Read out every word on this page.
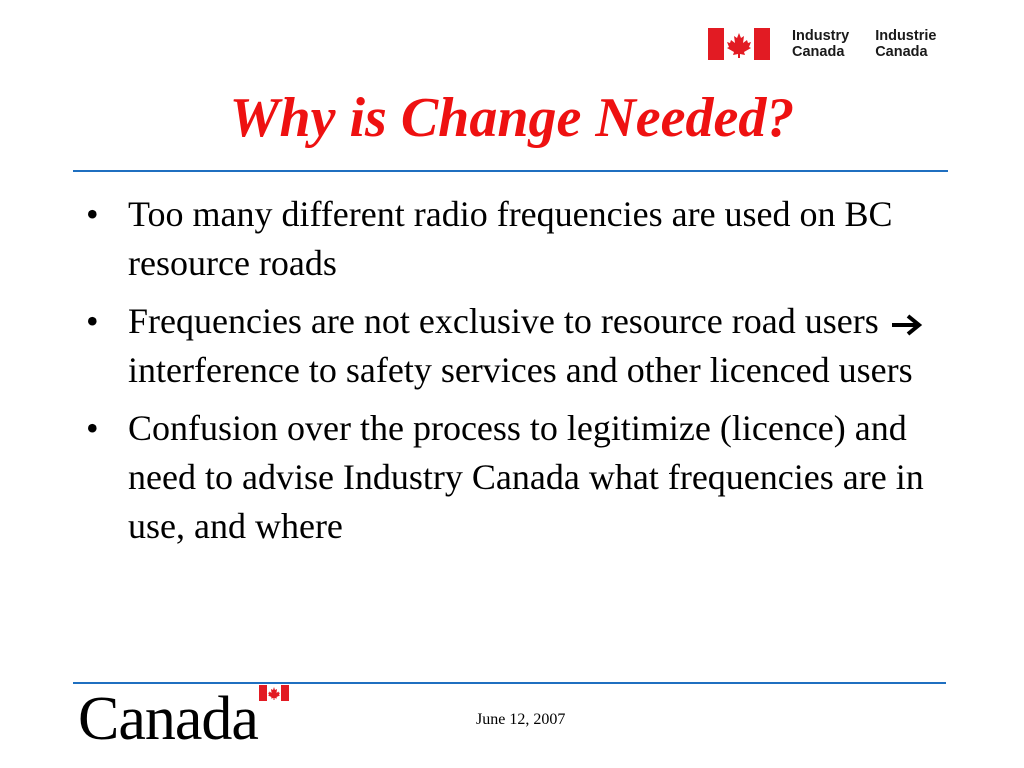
Industry
Canada
Industrie
Canada
Why is Change Needed?
• Too many different radio frequencies are used on BC resource roads
• Frequencies are not exclusive to resource road users  interference to safety services and other licenced users
• Confusion over the process to legitimize (licence) and need to advise Industry Canada what frequencies are in use, and where
Canada	June 12, 2007
